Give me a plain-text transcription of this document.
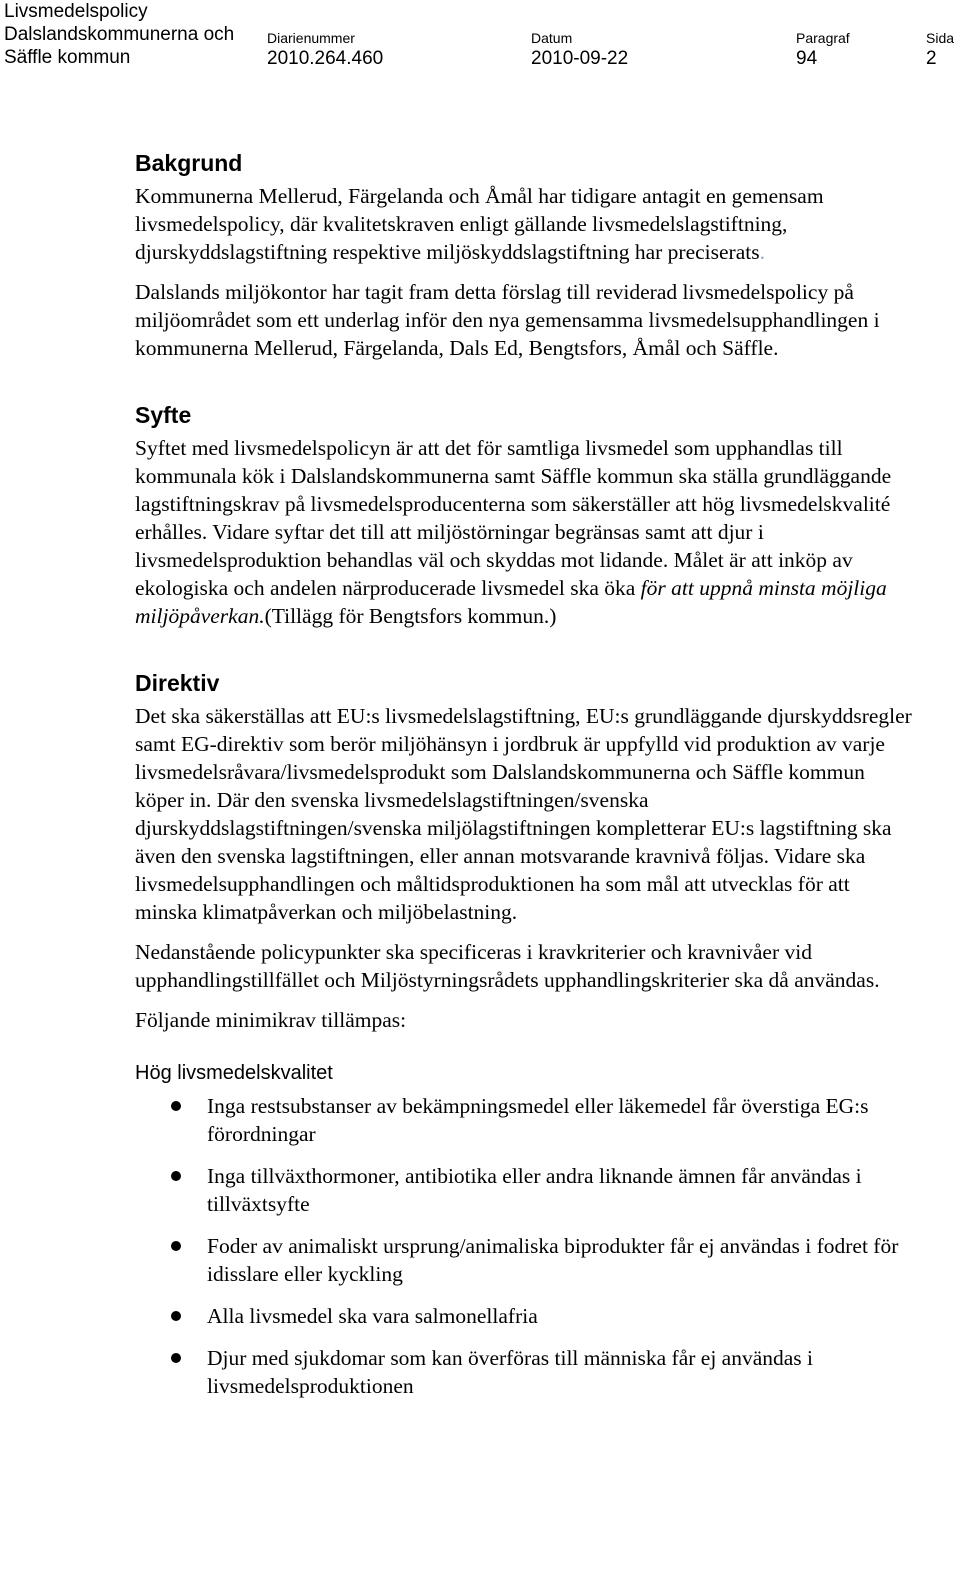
Livsmedelspolicy
Dalslandskommunerna och
Säffle kommun
Diarienummer
2010.264.460
Datum
2010-09-22
Paragraf
94
Sida
2
Bakgrund

Kommunerna Mellerud, Färgelanda och Åmål har tidigare antagit en gemensam livsmedelspolicy, där kvalitetskraven enligt gällande livsmedelslagstiftning, djurskyddslagstiftning respektive miljöskyddslagstiftning har preciserats.

Dalslands miljökontor har tagit fram detta förslag till reviderad livsmedelspolicy på miljöområdet som ett underlag inför den nya gemensamma livsmedelsupphandlingen i kommunerna Mellerud, Färgelanda, Dals Ed, Bengtsfors, Åmål och Säffle.

Syfte

Syftet med livsmedelspolicyn är att det för samtliga livsmedel som upphandlas till kommunala kök i Dalslandskommunerna samt Säffle kommun ska ställa grundläggande lagstiftningskrav på livsmedelsproducenterna som säkerställer att hög livsmedelskvalité erhålles. Vidare syftar det till att miljöstörningar begränsas samt att djur i livsmedelsproduktion behandlas väl och skyddas mot lidande. Målet är att inköp av ekologiska och andelen närproducerade livsmedel ska öka för att uppnå minsta möjliga miljöpåverkan.(Tillägg för Bengtsfors kommun.)

Direktiv

Det ska säkerställas att EU:s livsmedelslagstiftning, EU:s grundläggande djurskyddsregler samt EG-direktiv som berör miljöhänsyn i jordbruk är uppfylld vid produktion av varje livsmedelsråvara/livsmedelsprodukt som Dalslandskommunerna och Säffle kommun köper in. Där den svenska livsmedelslagstiftningen/svenska djurskyddslagstiftningen/svenska miljölagstiftningen kompletterar EU:s lagstiftning ska även den svenska lagstiftningen, eller annan motsvarande kravnivå följas. Vidare ska livsmedelsupphandlingen och måltidsproduktionen ha som mål att utvecklas för att minska klimatpåverkan och miljöbelastning.

Nedanstående policypunkter ska specificeras i kravkriterier och kravnivåer vid upphandlingstillfället och Miljöstyrningsrådets upphandlingskriterier ska då användas.

Följande minimikrav tillämpas:

Hög livsmedelskvalitet
Inga restsubstanser av bekämpningsmedel eller läkemedel får överstiga EG:s förordningar
Inga tillväxthormoner, antibiotika eller andra liknande ämnen får användas i tillväxtsyfte
Foder av animaliskt ursprung/animaliska biprodukter får ej användas i fodret för idisslare eller kyckling
Alla livsmedel ska vara salmonellafria
Djur med sjukdomar som kan överföras till människa får ej användas i livsmedelsproduktionen
